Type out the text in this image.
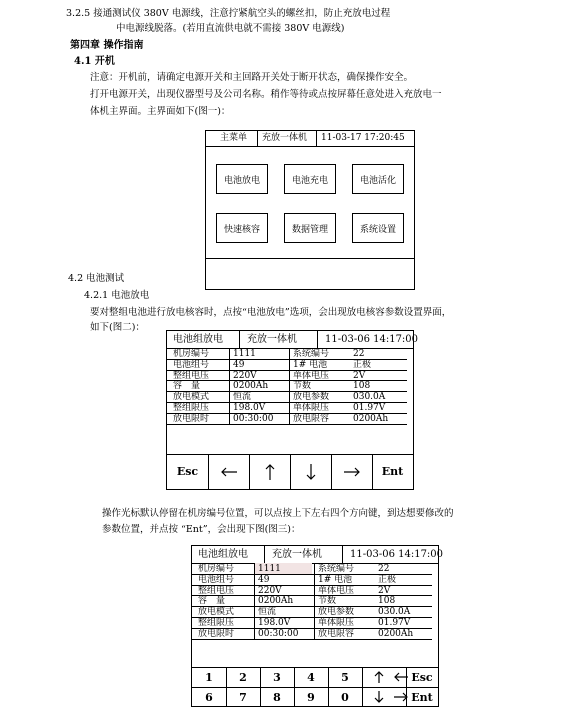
3.2.5 接通测试仪 380V 电源线，注意拧紧航空头的螺丝扣，防止充放电过程
中电源线脱落。(若用直流供电就不需接 380V 电源线)
第四章 操作指南
4.1 开机
注意：开机前，请确定电源开关和主回路开关处于断开状态，确保操作安全。
打开电源开关，出现仪器型号及公司名称。稍作等待或点按屏幕任意处进入充放电一
体机主界面。主界面如下(图一)：
主菜单 充放一体机 11-03-17 17:20:45
电池放电	电池充电	电池活化
快速核容	数据管理	系统设置
4.2 电池测试
4.2.1 电池放电
要对整组电池进行放电核容时，点按“电池放电”选项，会出现放电核容参数设置界面，
如下(图二)：
电池组放电 充放一体机	11-03-06 14:17:00
机房编号	1111	系统编号	22
电池组号	49	1# 电池	正极
整组电压	220V	单体电压	2V
容　量	0200Ah	节数	108
放电模式	恒流	放电参数	030.0A
整组限压	198.0V	单体限压	01.97V
放电限时	00:30:00 放电限容	0200Ah
Esc	Ent
操作光标默认停留在机房编号位置，可以点按上下左右四个方向键，到达想要修改的
参数位置，并点按 “Ent”，会出现下图(图三)：
电池组放电 充放一体机	11-03-06 14:17:00
机房编号	1111	系统编号	22
电池组号	49	1# 电池	正极
整组电压	220V	单体电压	2V
容　量	0200Ah	节数	108
放电模式	恒流	放电参数	030.0A
整组限压	198.0V	单体限压	01.97V
放电限时	00:30:00 放电限容	0200Ah
1	2	3	4	5
6	7	8	9	0
Esc
Ent
